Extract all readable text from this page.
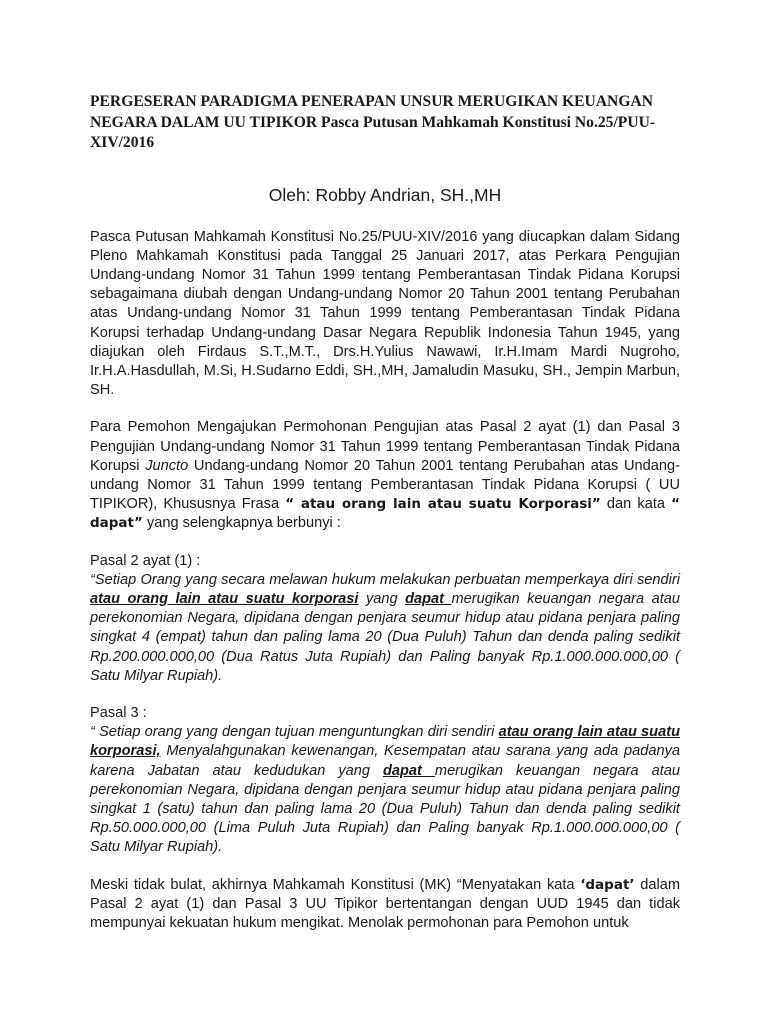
PERGESERAN PARADIGMA PENERAPAN UNSUR MERUGIKAN KEUANGAN NEGARA DALAM UU TIPIKOR Pasca Putusan Mahkamah Konstitusi No.25/PUU-XIV/2016

Oleh: Robby Andrian, SH.,MH

Pasca Putusan Mahkamah Konstitusi No.25/PUU-XIV/2016 yang diucapkan dalam Sidang Pleno Mahkamah Konstitusi pada Tanggal 25 Januari 2017, atas Perkara Pengujian Undang-undang Nomor 31 Tahun 1999 tentang Pemberantasan Tindak Pidana Korupsi sebagaimana diubah dengan Undang-undang Nomor 20 Tahun 2001 tentang Perubahan atas Undang-undang Nomor 31 Tahun 1999 tentang Pemberantasan Tindak Pidana Korupsi terhadap Undang-undang Dasar Negara Republik Indonesia Tahun 1945, yang diajukan oleh Firdaus S.T.,M.T., Drs.H.Yulius Nawawi, Ir.H.Imam Mardi Nugroho, Ir.H.A.Hasdullah, M.Si, H.Sudarno Eddi, SH.,MH, Jamaludin Masuku, SH., Jempin Marbun, SH.

Para Pemohon Mengajukan Permohonan Pengujian atas Pasal 2 ayat (1) dan Pasal 3 Pengujian Undang-undang Nomor 31 Tahun 1999 tentang Pemberantasan Tindak Pidana Korupsi Juncto Undang-undang Nomor 20 Tahun 2001 tentang Perubahan atas Undang-undang Nomor 31 Tahun 1999 tentang Pemberantasan Tindak Pidana Korupsi ( UU TIPIKOR), Khususnya Frasa “ atau orang lain atau suatu Korporasi” dan kata “ dapat” yang selengkapnya berbunyi :

Pasal 2 ayat (1) :

“Setiap Orang yang secara melawan hukum melakukan perbuatan memperkaya diri sendiri atau orang lain atau suatu korporasi yang dapat merugikan keuangan negara atau perekonomian Negara, dipidana dengan penjara seumur hidup atau pidana penjara paling singkat 4 (empat) tahun dan paling lama 20 (Dua Puluh) Tahun dan denda paling sedikit Rp.200.000.000,00 (Dua Ratus Juta Rupiah) dan Paling banyak Rp.1.000.000.000,00 ( Satu Milyar Rupiah).

Pasal 3 :

“ Setiap orang yang dengan tujuan menguntungkan diri sendiri atau orang lain atau suatu korporasi, Menyalahgunakan kewenangan, Kesempatan atau sarana yang ada padanya karena Jabatan atau kedudukan yang dapat merugikan keuangan negara atau perekonomian Negara, dipidana dengan penjara seumur hidup atau pidana penjara paling singkat 1 (satu) tahun dan paling lama 20 (Dua Puluh) Tahun dan denda paling sedikit Rp.50.000.000,00 (Lima Puluh Juta Rupiah) dan Paling banyak Rp.1.000.000.000,00 ( Satu Milyar Rupiah).

Meski tidak bulat, akhirnya Mahkamah Konstitusi (MK) “Menyatakan kata ‘dapat’ dalam Pasal 2 ayat (1) dan Pasal 3 UU Tipikor bertentangan dengan UUD 1945 dan tidak mempunyai kekuatan hukum mengikat. Menolak permohonan para Pemohon untuk
